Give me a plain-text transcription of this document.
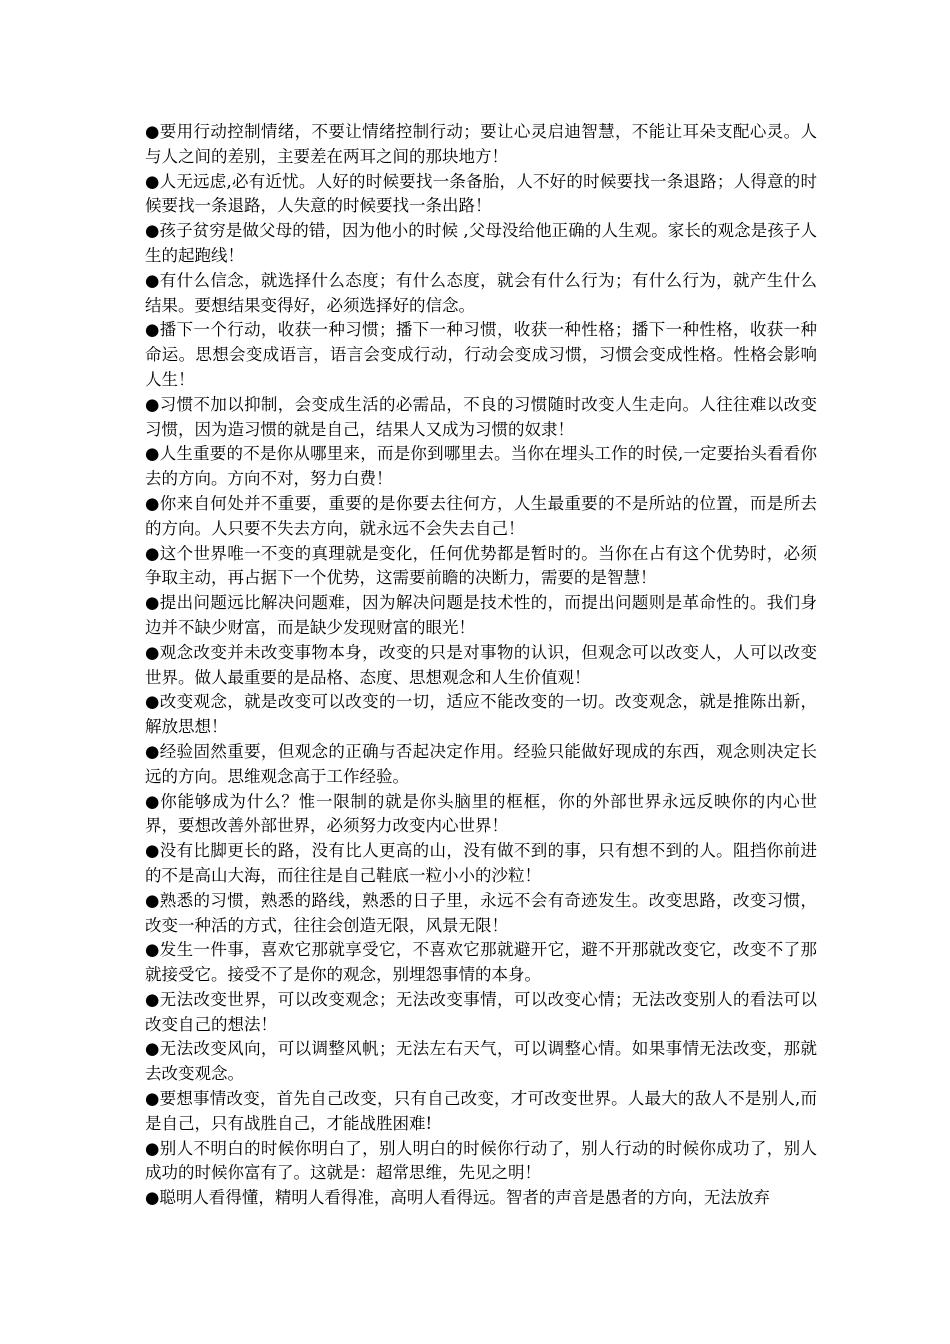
●要用行动控制情绪，不要让情绪控制行动；要让心灵启迪智慧，不能让耳朵支配心灵。人与人之间的差别，主要差在两耳之间的那块地方！

●人无远虑,必有近忧。人好的时候要找一条备胎，人不好的时候要找一条退路；人得意的时候要找一条退路，人失意的时候要找一条出路！

●孩子贫穷是做父母的错，因为他小的时候 ,父母没给他正确的人生观。家长的观念是孩子人生的起跑线！

●有什么信念，就选择什么态度；有什么态度，就会有什么行为；有什么行为，就产生什么结果。要想结果变得好，必须选择好的信念。

●播下一个行动，收获一种习惯；播下一种习惯，收获一种性格；播下一种性格，收获一种命运。思想会变成语言，语言会变成行动，行动会变成习惯，习惯会变成性格。性格会影响人生！

●习惯不加以抑制，会变成生活的必需品，不良的习惯随时改变人生走向。人往往难以改变习惯，因为造习惯的就是自己，结果人又成为习惯的奴隶！

●人生重要的不是你从哪里来，而是你到哪里去。当你在埋头工作的时侯,一定要抬头看看你去的方向。方向不对，努力白费！

●你来自何处并不重要，重要的是你要去往何方，人生最重要的不是所站的位置，而是所去的方向。人只要不失去方向，就永远不会失去自己！

●这个世界唯一不变的真理就是变化，任何优势都是暂时的。当你在占有这个优势时，必须争取主动，再占据下一个优势，这需要前瞻的决断力，需要的是智慧！

●提出问题远比解决问题难，因为解决问题是技术性的，而提出问题则是革命性的。我们身边并不缺少财富，而是缺少发现财富的眼光！

●观念改变并未改变事物本身，改变的只是对事物的认识，但观念可以改变人，人可以改变世界。做人最重要的是品格、态度、思想观念和人生价值观！

●改变观念，就是改变可以改变的一切，适应不能改变的一切。改变观念，就是推陈出新，解放思想！

●经验固然重要，但观念的正确与否起决定作用。经验只能做好现成的东西，观念则决定长远的方向。思维观念高于工作经验。

●你能够成为什么？惟一限制的就是你头脑里的框框，你的外部世界永远反映你的内心世界，要想改善外部世界，必须努力改变内心世界！

●没有比脚更长的路，没有比人更高的山，没有做不到的事，只有想不到的人。阻挡你前进的不是高山大海，而往往是自己鞋底一粒小小的沙粒！

●熟悉的习惯，熟悉的路线，熟悉的日子里，永远不会有奇迹发生。改变思路，改变习惯，改变一种活的方式，往往会创造无限，风景无限！

●发生一件事，喜欢它那就享受它，不喜欢它那就避开它，避不开那就改变它，改变不了那就接受它。接受不了是你的观念，别埋怨事情的本身。

●无法改变世界，可以改变观念；无法改变事情，可以改变心情；无法改变别人的看法可以改变自己的想法！

●无法改变风向，可以调整风帆；无法左右天气，可以调整心情。如果事情无法改变，那就去改变观念。

●要想事情改变，首先自己改变，只有自己改变，才可改变世界。人最大的敌人不是别人,而是自己，只有战胜自己，才能战胜困难!

●别人不明白的时候你明白了，别人明白的时候你行动了，别人行动的时候你成功了，别人成功的时候你富有了。这就是：超常思维，先见之明！

●聪明人看得懂，精明人看得准，高明人看得远。智者的声音是愚者的方向，无法放弃
